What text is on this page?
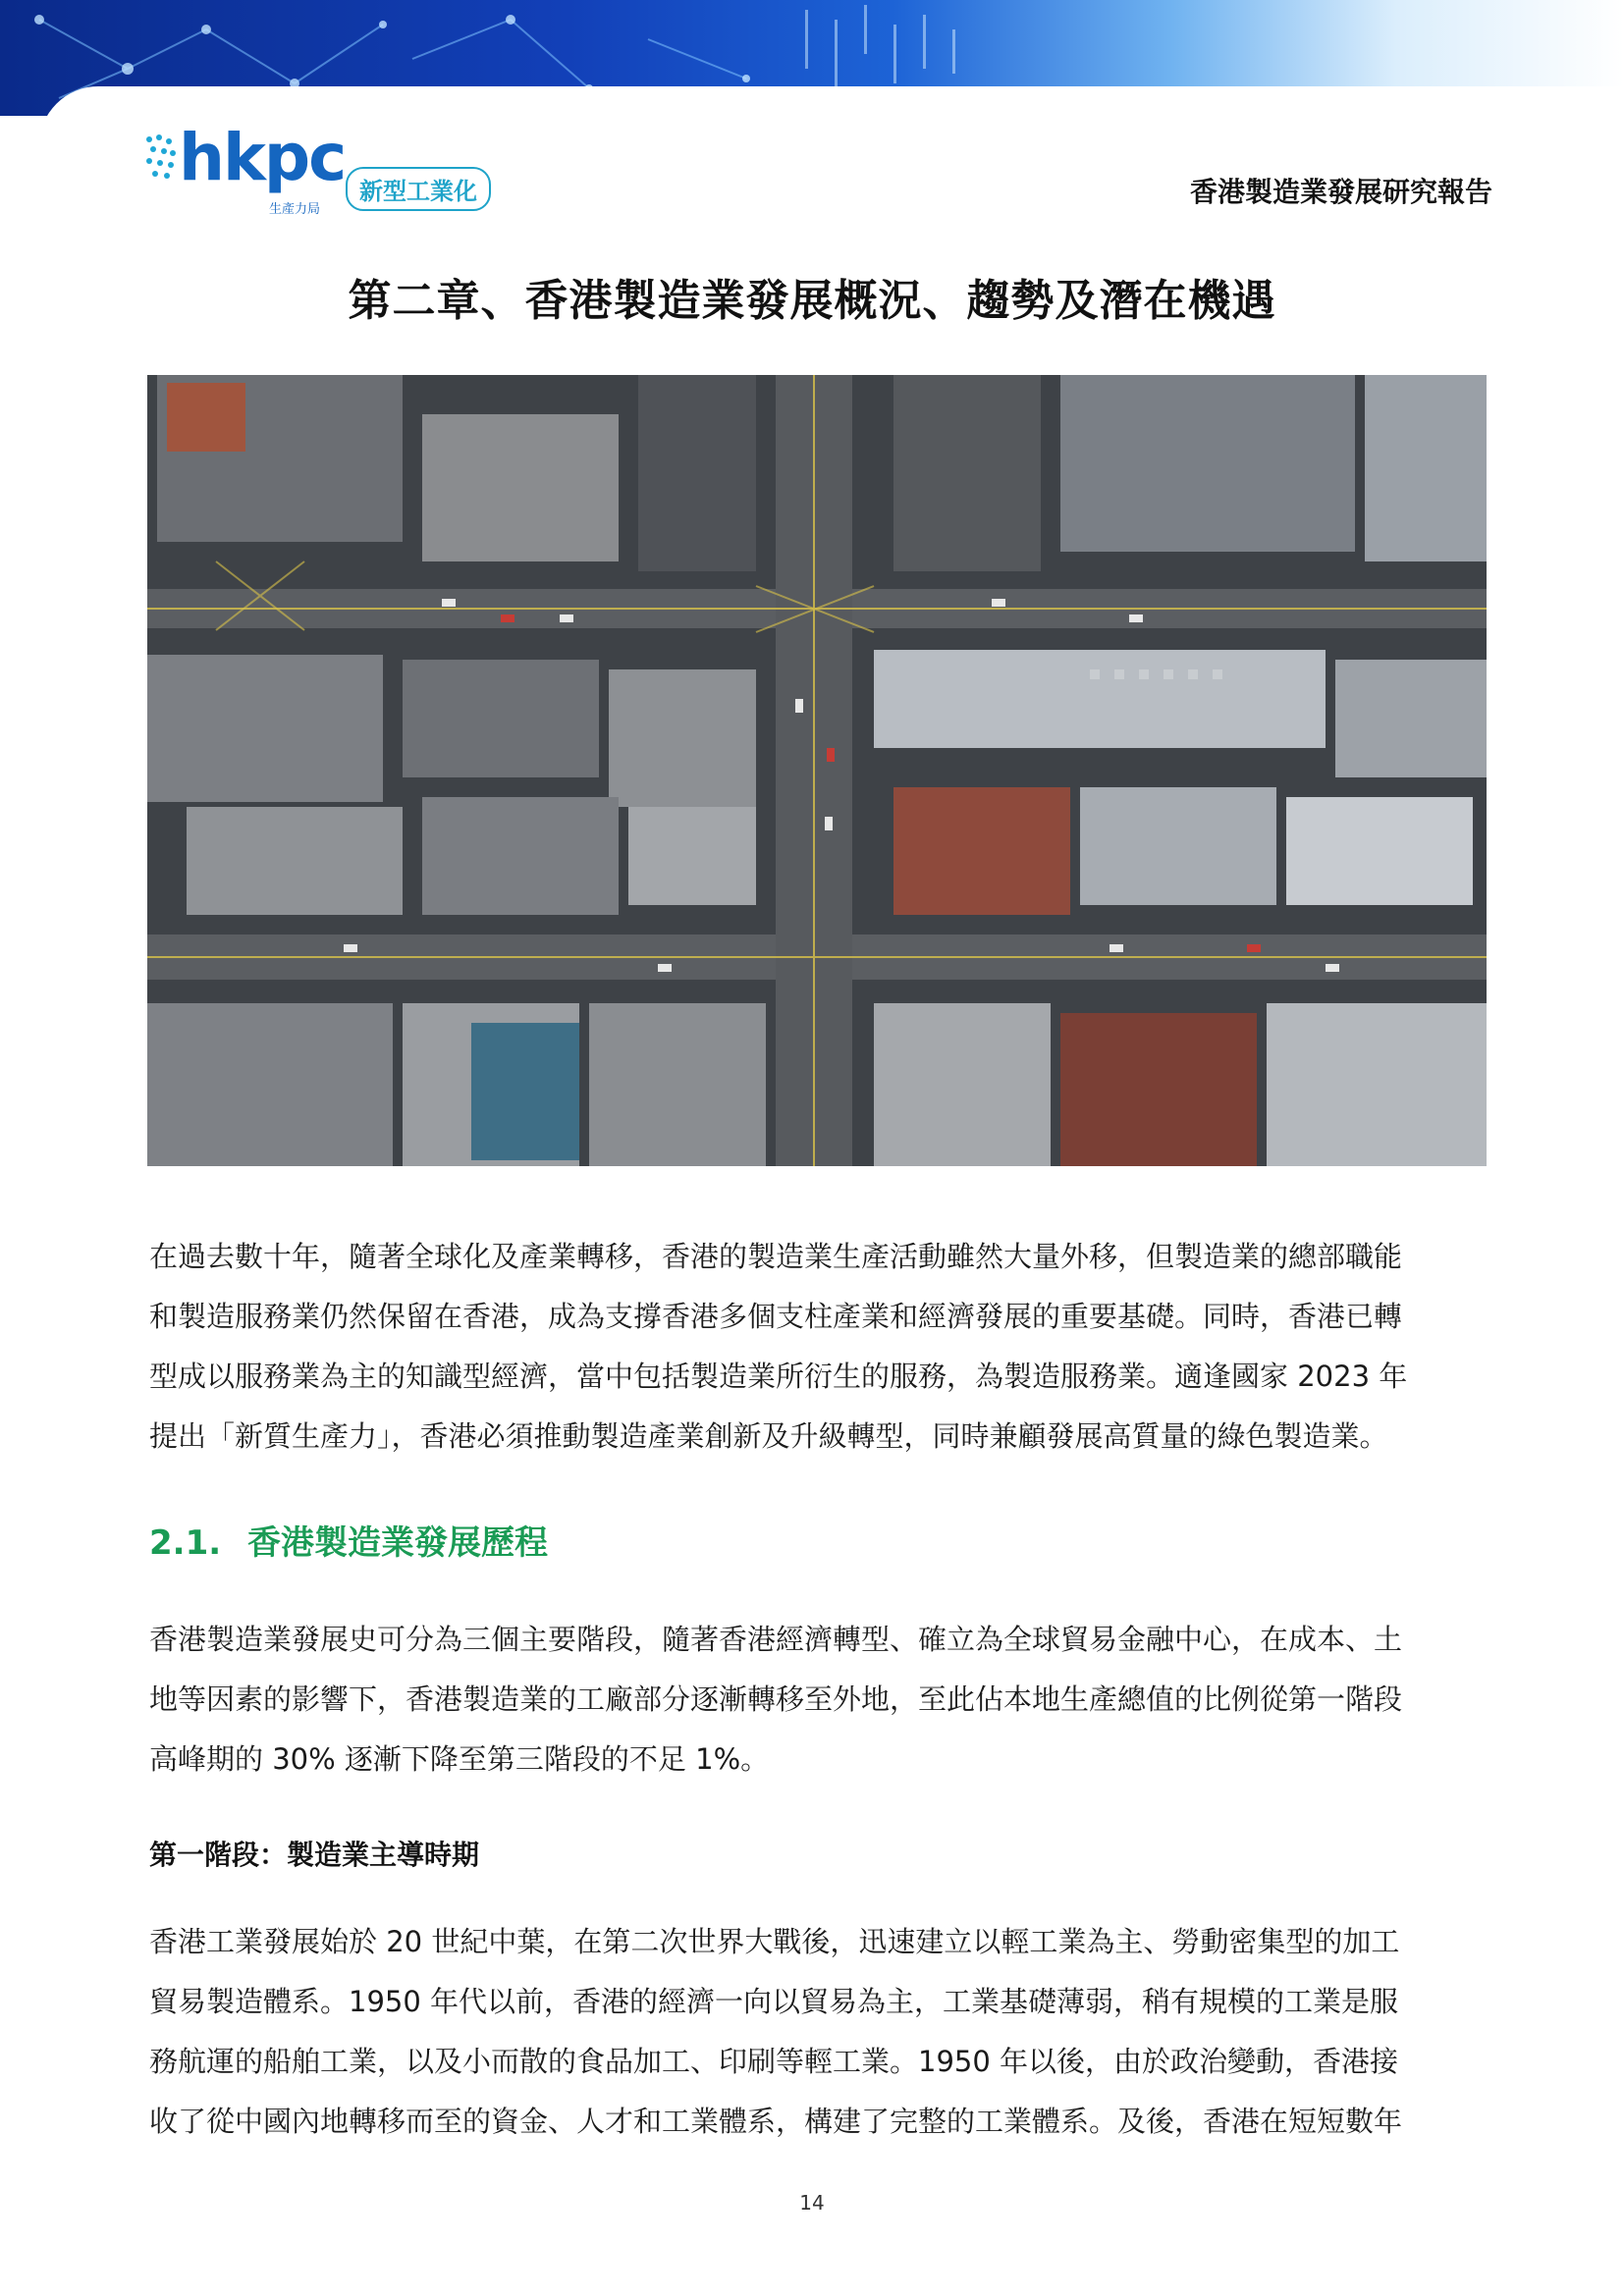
hkpc
生產力局
新型工業化	香港製造業發展研究報告
第二章、香港製造業發展概況、趨勢及潛在機遇

在過去數十年，隨著全球化及產業轉移，香港的製造業生產活動雖然大量外移，但製造業的總部職能

和製造服務業仍然保留在香港，成為支撐香港多個支柱產業和經濟發展的重要基礎。同時，香港已轉

型成以服務業為主的知識型經濟，當中包括製造業所衍生的服務，為製造服務業。適逢國家 2023 年

提出「新質生產力」，香港必須推動製造產業創新及升級轉型，同時兼顧發展高質量的綠色製造業。

2.1. 香港製造業發展歷程

香港製造業發展史可分為三個主要階段，隨著香港經濟轉型、確立為全球貿易金融中心，在成本、土

地等因素的影響下，香港製造業的工廠部分逐漸轉移至外地，至此佔本地生產總值的比例從第一階段

高峰期的 30% 逐漸下降至第三階段的不足 1%。

第一階段：製造業主導時期

香港工業發展始於 20 世紀中葉，在第二次世界大戰後，迅速建立以輕工業為主、勞動密集型的加工

貿易製造體系。1950 年代以前，香港的經濟一向以貿易為主，工業基礎薄弱，稍有規模的工業是服

務航運的船舶工業，以及小而散的食品加工、印刷等輕工業。1950 年以後，由於政治變動，香港接

收了從中國內地轉移而至的資金、人才和工業體系，構建了完整的工業體系。及後，香港在短短數年

14
